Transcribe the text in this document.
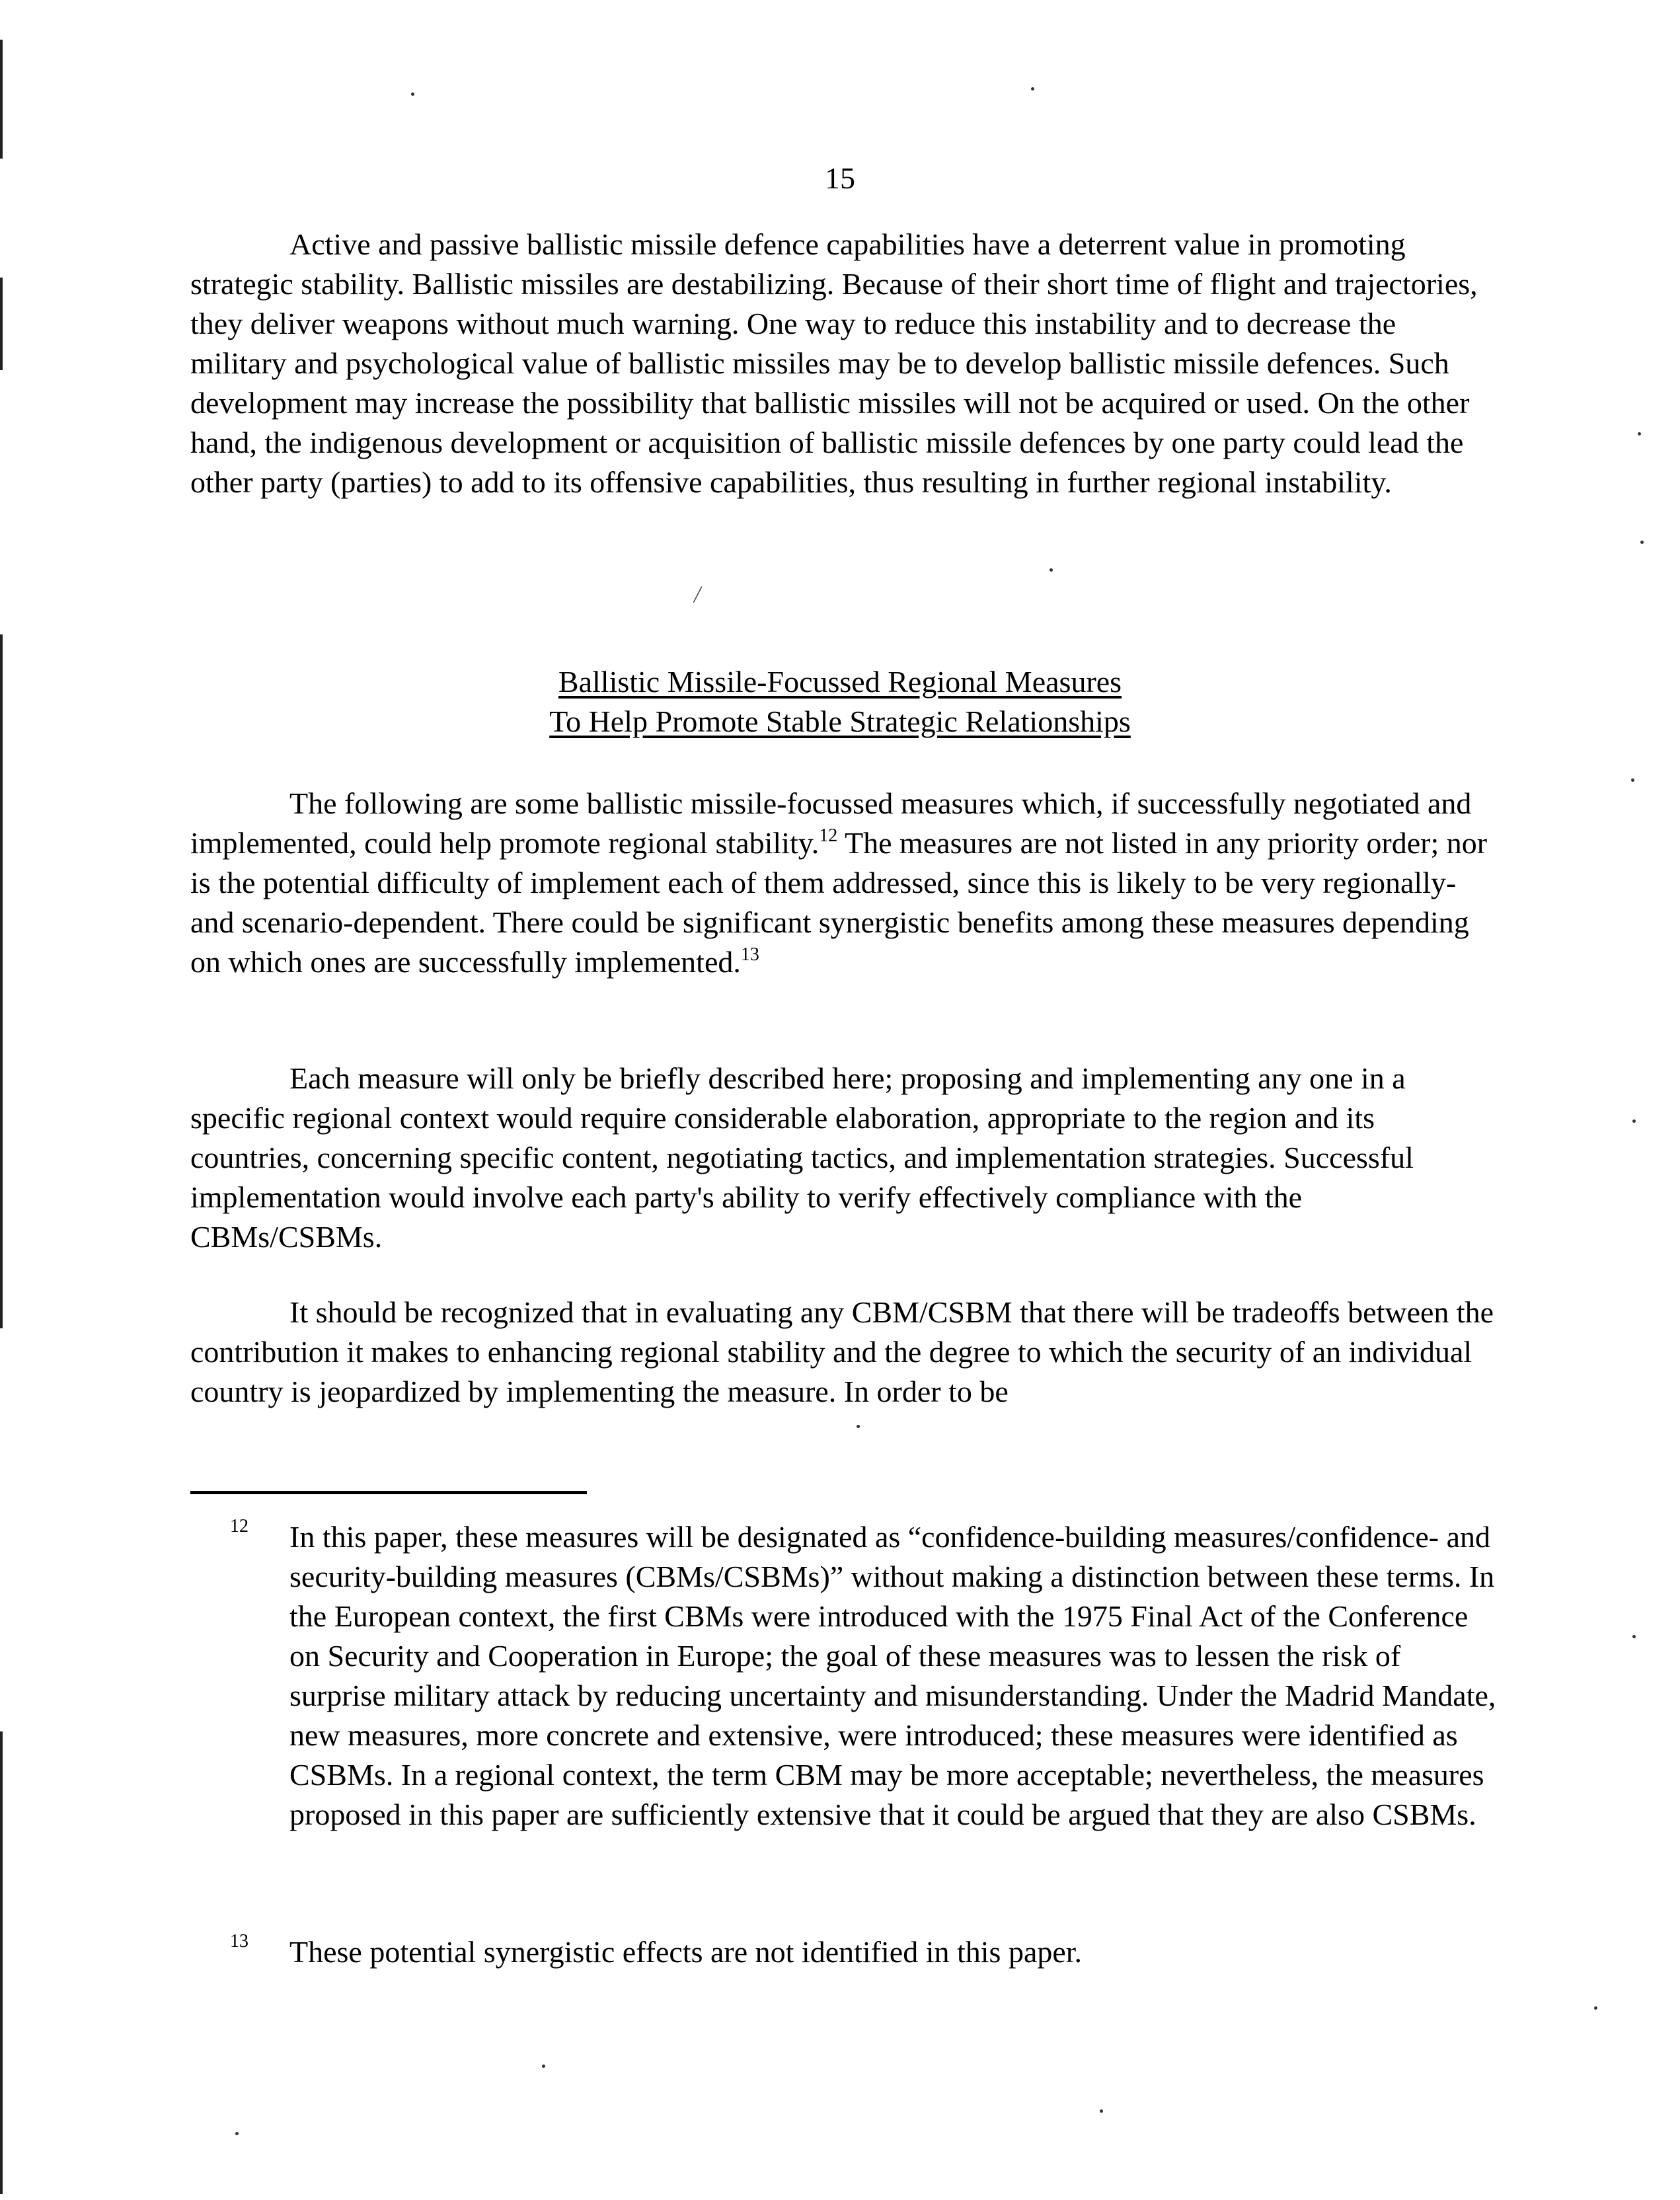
15

Active and passive ballistic missile defence capabilities have a deterrent value in promoting strategic stability. Ballistic missiles are destabilizing. Because of their short time of flight and trajectories, they deliver weapons without much warning. One way to reduce this instability and to decrease the military and psychological value of ballistic missiles may be to develop ballistic missile defences. Such development may increase the possibility that ballistic missiles will not be acquired or used. On the other hand, the indigenous development or acquisition of ballistic missile defences by one party could lead the other party (parties) to add to its offensive capabilities, thus resulting in further regional instability.

/
Ballistic Missile-Focussed Regional Measures
To Help Promote Stable Strategic Relationships

The following are some ballistic missile-focussed measures which, if successfully negotiated and implemented, could help promote regional stability.$^{12}$ The measures are not listed in any priority order; nor is the potential difficulty of implement each of them addressed, since this is likely to be very regionally- and scenario-dependent. There could be significant synergistic benefits among these measures depending on which ones are successfully implemented.$^{13}$

Each measure will only be briefly described here; proposing and implementing any one in a specific regional context would require considerable elaboration, appropriate to the region and its countries, concerning specific content, negotiating tactics, and implementation strategies. Successful implementation would involve each party's ability to verify effectively compliance with the CBMs/CSBMs.

It should be recognized that in evaluating any CBM/CSBM that there will be tradeoffs between the contribution it makes to enhancing regional stability and the degree to which the security of an individual country is jeopardized by implementing the measure. In order to be

12 In this paper, these measures will be designated as “confidence-building measures/confidence- and security-building measures (CBMs/CSBMs)” without making a distinction between these terms. In the European context, the first CBMs were introduced with the 1975 Final Act of the Conference on Security and Cooperation in Europe; the goal of these measures was to lessen the risk of surprise military attack by reducing uncertainty and misunderstanding. Under the Madrid Mandate, new measures, more concrete and extensive, were introduced; these measures were identified as CSBMs. In a regional context, the term CBM may be more acceptable; nevertheless, the measures proposed in this paper are sufficiently extensive that it could be argued that they are also CSBMs.
13 These potential synergistic effects are not identified in this paper.
